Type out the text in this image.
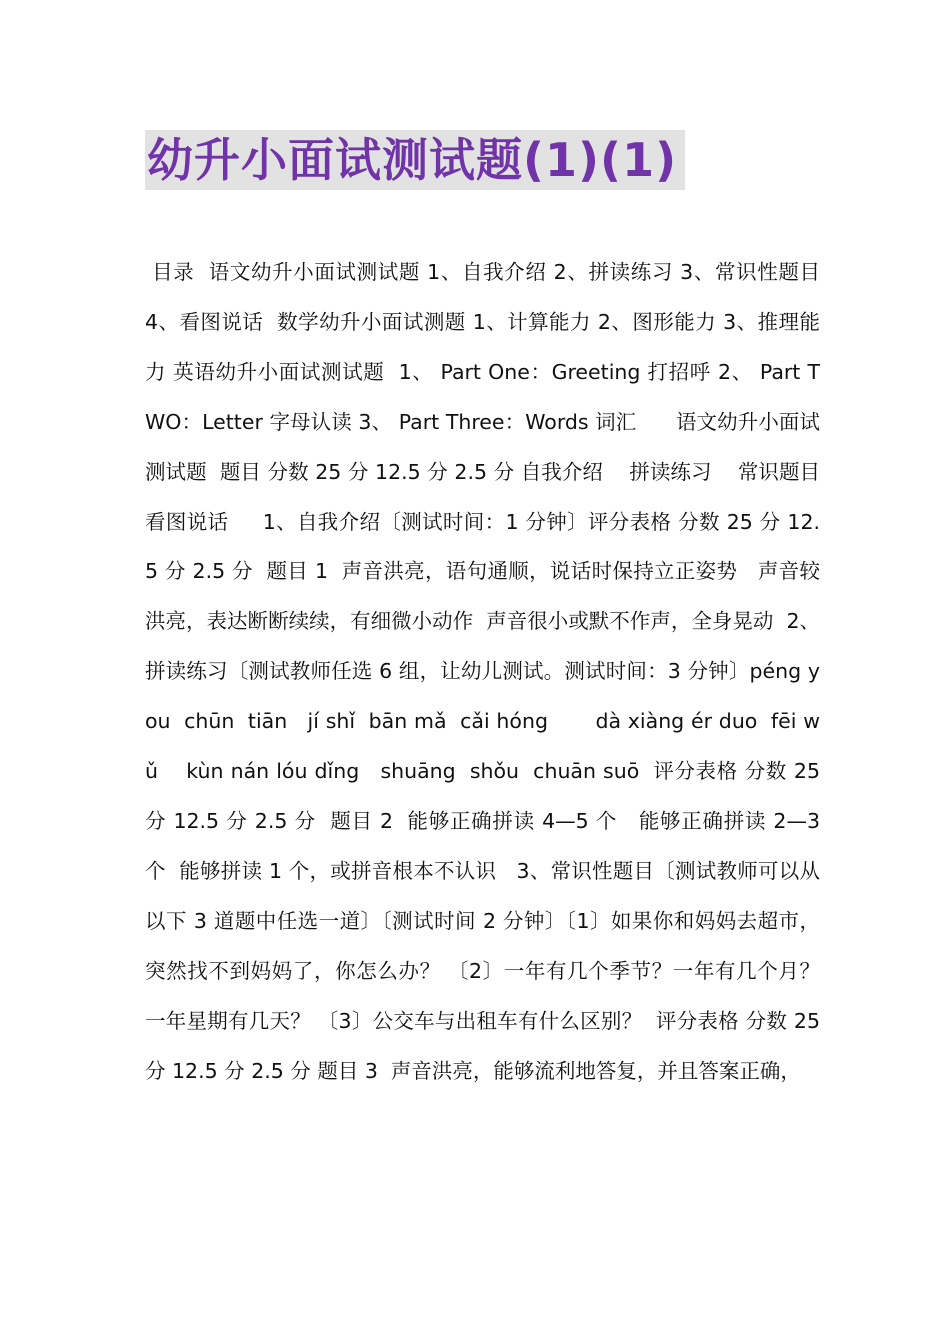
幼升小面试测试题(1)(1)

目录  语文幼升小面试测试题 1、自我介绍 2、拼读练习 3、常识性题目 4、看图说话  数学幼升小面试测题 1、计算能力 2、图形能力 3、推理能力 英语幼升小面试测试题  1、 Part One：Greeting 打招呼 2、 Part TWO：Letter 字母认读 3、 Part Three：Words 词汇      语文幼升小面试测试题  题目 分数 25 分 12.5 分 2.5 分 自我介绍    拼读练习    常识题目    看图说话     1、自我介绍〔测试时间：1 分钟〕评分表格 分数 25 分 12.5 分 2.5 分  题目 1  声音洪亮，语句通顺，说话时保持立正姿势   声音较洪亮，表达断断续续，有细微小动作  声音很小或默不作声，全身晃动  2、拼读练习〔测试教师任选 6 组，让幼儿测试。测试时间：3 分钟〕péng you  chūn  tiān   jí shǐ  bān mǎ  cǎi hóng       dà xiàng ér duo  fēi wǔ    kùn nán lóu dǐng   shuāng  shǒu  chuān suō  评分表格 分数 25 分 12.5 分 2.5 分  题目 2  能够正确拼读 4—5 个   能够正确拼读 2—3 个  能够拼读 1 个，或拼音根本不认识   3、常识性题目〔测试教师可以从以下 3 道题中任选一道〕〔测试时间 2 分钟〕〔1〕如果你和妈妈去超市，突然找不到妈妈了，你怎么办？ 〔2〕一年有几个季节？一年有几个月？一年星期有几天？ 〔3〕公交车与出租车有什么区别？  评分表格 分数 25 分 12.5 分 2.5 分 题目 3  声音洪亮，能够流利地答复，并且答案正确，
